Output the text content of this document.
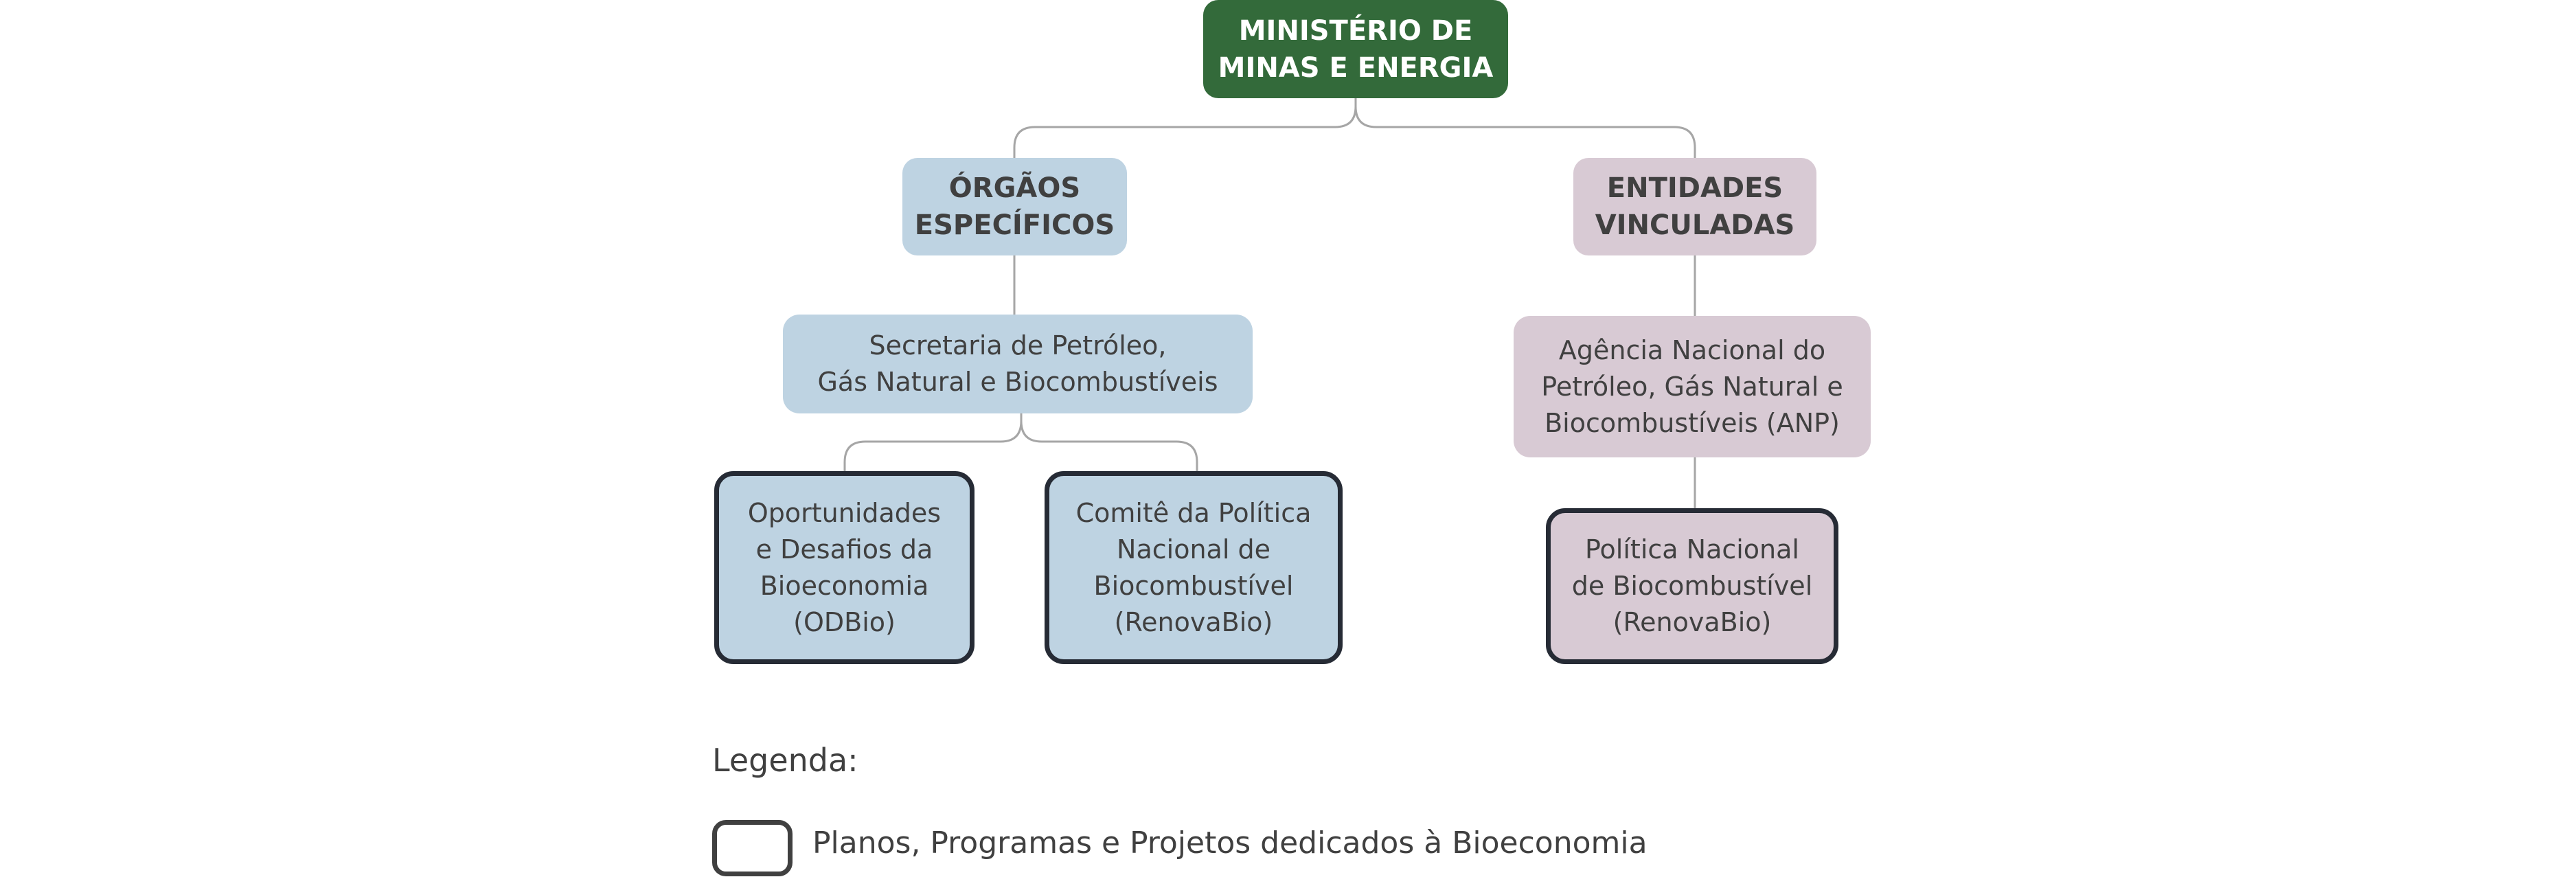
MINISTÉRIO DE
MINAS E ENERGIA
ÓRGÃOS
ESPECÍFICOS
ENTIDADES
VINCULADAS
Secretaria de Petróleo,
Gás Natural e Biocombustíveis
Agência Nacional do
Petróleo, Gás Natural e
Biocombustíveis (ANP)
Oportunidades
e Desafios da
Bioeconomia
(ODBio)
Comitê da Política
Nacional de
Biocombustível
(RenovaBio)
Política Nacional
de Biocombustível
(RenovaBio)
Legenda:
Planos, Programas e Projetos dedicados à Bioeconomia
